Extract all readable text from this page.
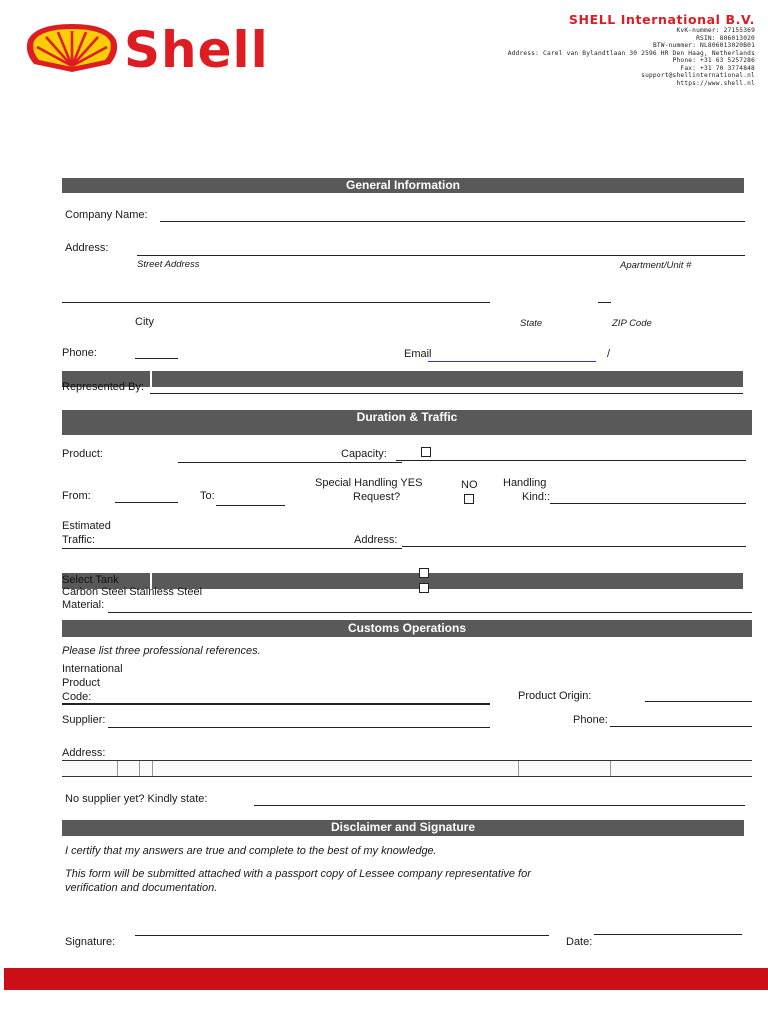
Shell
SHELL International B.V.
KvK-nummer: 27155369
RSIN: 806013020
BTW-nummer: NL806013020B01
Address: Carel van Bylandtlaan 30 2596 HR Den Haag, Netherlands
Phone: +31 63 5257286
Fax: +31 70 3774848
support@shellinternational.nl
https://www.shell.nl
General Information
Company Name:
Address:
Street Address	Apartment/Unit #
City	State	ZIP Code
Phone:	Email	/
Represented By:
Duration & Traffic
Product:	Capacity:
Special Handling YES
Request?
NO Handling
Kind::
From:	To:
Estimated
Traffic:	Address:
Select Tank
Carbon Steel Stainless Steel
Material:
Customs Operations
Please list three professional references.
International
Product
Code:	Product Origin:
Supplier:	Phone:
Address:
No supplier yet? Kindly state:
Disclaimer and Signature
I certify that my answers are true and complete to the best of my knowledge.
This form will be submitted attached with a passport copy of Lessee company representative for
verification and documentation.
Signature:	Date:
